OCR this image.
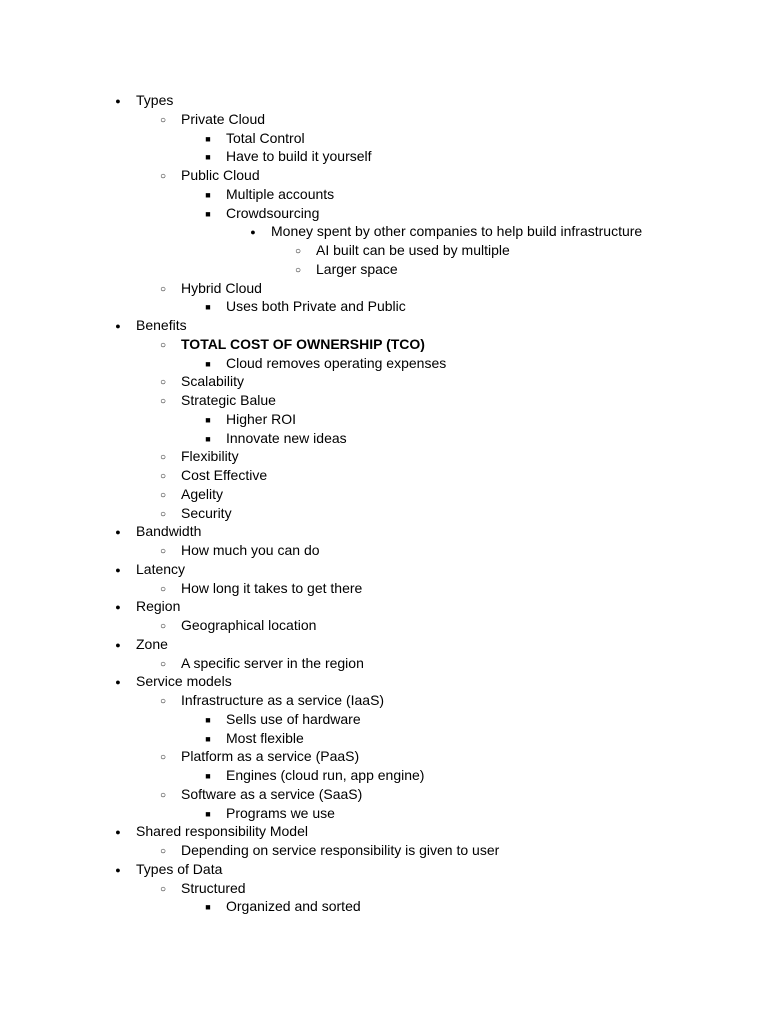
●
Types
○
Private Cloud
■
Total Control
■
Have to build it yourself
○
Public Cloud
■
Multiple accounts
■
Crowdsourcing
●
Money spent by other companies to help build infrastructure
○
AI built can be used by multiple
○
Larger space
○
Hybrid Cloud
■
Uses both Private and Public
●
Benefits
○
TOTAL COST OF OWNERSHIP (TCO)
■
Cloud removes operating expenses
○
Scalability
○
Strategic Balue
■
Higher ROI
■
Innovate new ideas
○
Flexibility
○
Cost Effective
○
Agelity
○
Security
●
Bandwidth
○
How much you can do
●
Latency
○
How long it takes to get there
●
Region
○
Geographical location
●
Zone
○
A specific server in the region
●
Service models
○
Infrastructure as a service (IaaS)
■
Sells use of hardware
■
Most flexible
○
Platform as a service (PaaS)
■
Engines (cloud run, app engine)
○
Software as a service (SaaS)
■
Programs we use
●
Shared responsibility Model
○
Depending on service responsibility is given to user
●
Types of Data
○
Structured
■
Organized and sorted
